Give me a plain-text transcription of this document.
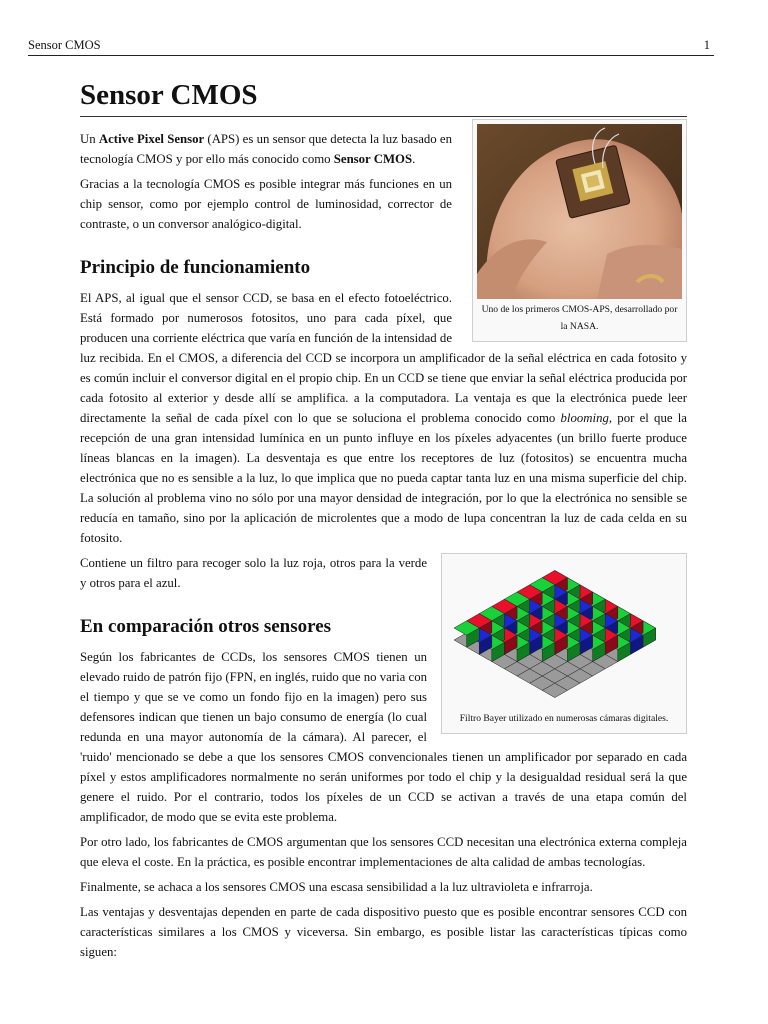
Sensor CMOS	1
Sensor CMOS
Uno de los primeros CMOS-APS, desarrollado por la NASA.

Un Active Pixel Sensor (APS) es un sensor que detecta la luz basado en tecnología CMOS y por ello más conocido como Sensor CMOS.

Gracias a la tecnología CMOS es posible integrar más funciones en un chip sensor, como por ejemplo control de luminosidad, corrector de contraste, o un conversor analógico-digital.

Principio de funcionamiento

El APS, al igual que el sensor CCD, se basa en el efecto fotoeléctrico. Está formado por numerosos fotositos, uno para cada píxel, que producen una corriente eléctrica que varía en función de la intensidad de luz recibida. En el CMOS, a diferencia del CCD se incorpora un amplificador de la señal eléctrica en cada fotosito y es común incluir el conversor digital en el propio chip. En un CCD se tiene que enviar la señal eléctrica producida por cada fotosito al exterior y desde allí se amplifica. a la computadora. La ventaja es que la electrónica puede leer directamente la señal de cada píxel con lo que se soluciona el problema conocido como blooming, por el que la recepción de una gran intensidad lumínica en un punto influye en los píxeles adyacentes (un brillo fuerte produce líneas blancas en la imagen). La desventaja es que entre los receptores de luz (fotositos) se encuentra mucha electrónica que no es sensible a la luz, lo que implica que no pueda captar tanta luz en una misma superficie del chip. La solución al problema vino no sólo por una mayor densidad de integración, por lo que la electrónica no sensible se reducía en tamaño, sino por la aplicación de microlentes que a modo de lupa concentran la luz de cada celda en su fotosito.

Filtro Bayer utilizado en numerosas cámaras digitales.

Contiene un filtro para recoger solo la luz roja, otros para la verde y otros para el azul.

En comparación otros sensores

Según los fabricantes de CCDs, los sensores CMOS tienen un elevado ruido de patrón fijo (FPN, en inglés, ruido que no varia con el tiempo y que se ve como un fondo fijo en la imagen) pero sus defensores indican que tienen un bajo consumo de energía (lo cual redunda en una mayor autonomía de la cámara). Al parecer, el 'ruido' mencionado se debe a que los sensores CMOS convencionales tienen un amplificador por separado en cada píxel y estos amplificadores normalmente no serán uniformes por todo el chip y la desigualdad residual será la que genere el ruido. Por el contrario, todos los píxeles de un CCD se activan a través de una etapa común del amplificador, de modo que se evita este problema.

Por otro lado, los fabricantes de CMOS argumentan que los sensores CCD necesitan una electrónica externa compleja que eleva el coste. En la práctica, es posible encontrar implementaciones de alta calidad de ambas tecnologías.

Finalmente, se achaca a los sensores CMOS una escasa sensibilidad a la luz ultravioleta e infrarroja.

Las ventajas y desventajas dependen en parte de cada dispositivo puesto que es posible encontrar sensores CCD con características similares a los CMOS y viceversa. Sin embargo, es posible listar las características típicas como siguen:
